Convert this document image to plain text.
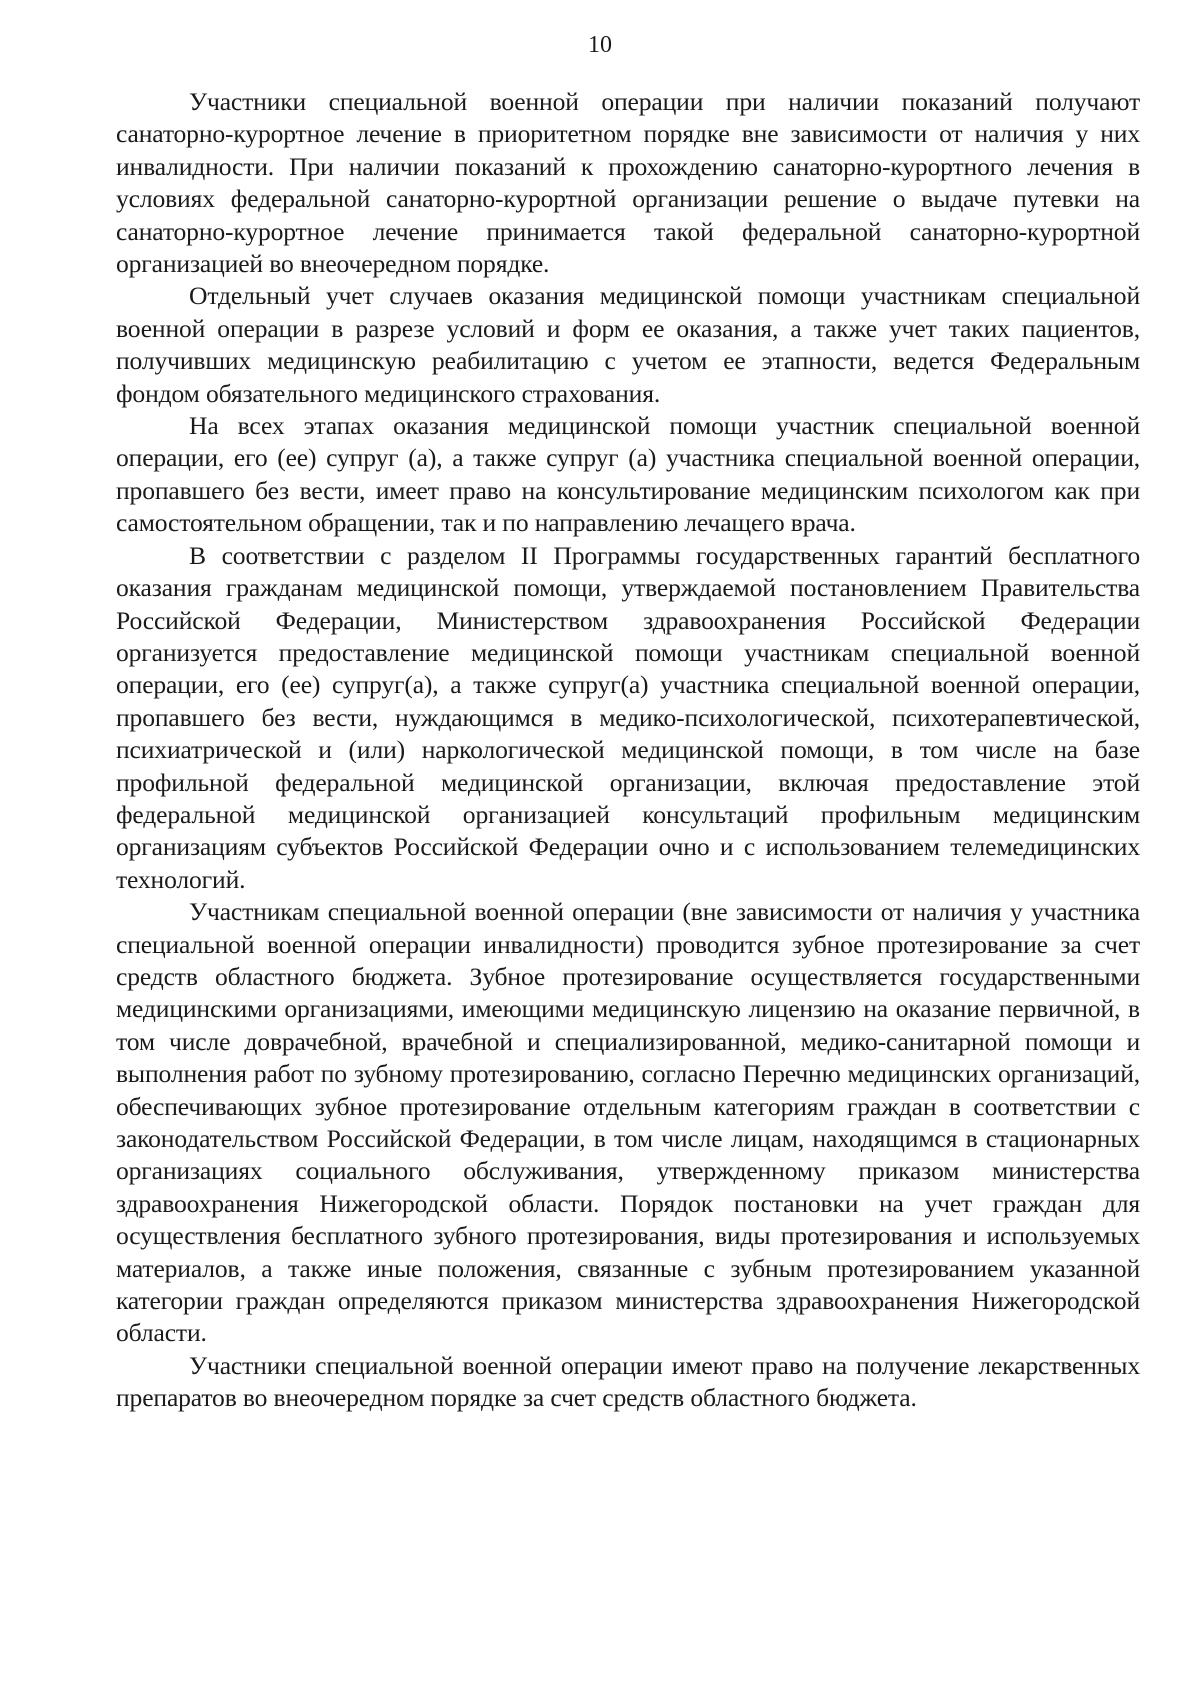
10

Участники специальной военной операции при наличии показаний получают санаторно-курортное лечение в приоритетном порядке вне зависимости от наличия у них инвалидности. При наличии показаний к прохождению санаторно-курортного лечения в условиях федеральной санаторно-курортной организации решение о выдаче путевки на санаторно-курортное лечение принимается такой федеральной санаторно-курортной организацией во внеочередном порядке.

Отдельный учет случаев оказания медицинской помощи участникам специальной военной операции в разрезе условий и форм ее оказания, а также учет таких пациентов, получивших медицинскую реабилитацию с учетом ее этапности, ведется Федеральным фондом обязательного медицинского страхования.

На всех этапах оказания медицинской помощи участник специальной военной операции, его (ее) супруг (а), а также супруг (а) участника специальной военной операции, пропавшего без вести, имеет право на консультирование медицинским психологом как при самостоятельном обращении, так и по направлению лечащего врача.

В соответствии с разделом II Программы государственных гарантий бесплатного оказания гражданам медицинской помощи, утверждаемой постановлением Правительства Российской Федерации, Министерством здравоохранения Российской Федерации организуется предоставление медицинской помощи участникам специальной военной операции, его (ее) супруг(а), а также супруг(а) участника специальной военной операции, пропавшего без вести, нуждающимся в медико-психологической, психотерапевтической, психиатрической и (или) наркологической медицинской помощи, в том числе на базе профильной федеральной медицинской организации, включая предоставление этой федеральной медицинской организацией консультаций профильным медицинским организациям субъектов Российской Федерации очно и с использованием телемедицинских технологий.

Участникам специальной военной операции (вне зависимости от наличия у участника специальной военной операции инвалидности) проводится зубное протезирование за счет средств областного бюджета. Зубное протезирование осуществляется государственными медицинскими организациями, имеющими медицинскую лицензию на оказание первичной, в том числе доврачебной, врачебной и специализированной, медико-санитарной помощи и выполнения работ по зубному протезированию, согласно Перечню медицинских организаций, обеспечивающих зубное протезирование отдельным категориям граждан в соответствии с законодательством Российской Федерации, в том числе лицам, находящимся в стационарных организациях социального обслуживания, утвержденному приказом министерства здравоохранения Нижегородской области. Порядок постановки на учет граждан для осуществления бесплатного зубного протезирования, виды протезирования и используемых материалов, а также иные положения, связанные с зубным протезированием указанной категории граждан определяются приказом министерства здравоохранения Нижегородской области.

Участники специальной военной операции имеют право на получение лекарственных препаратов во внеочередном порядке за счет средств областного бюджета.
